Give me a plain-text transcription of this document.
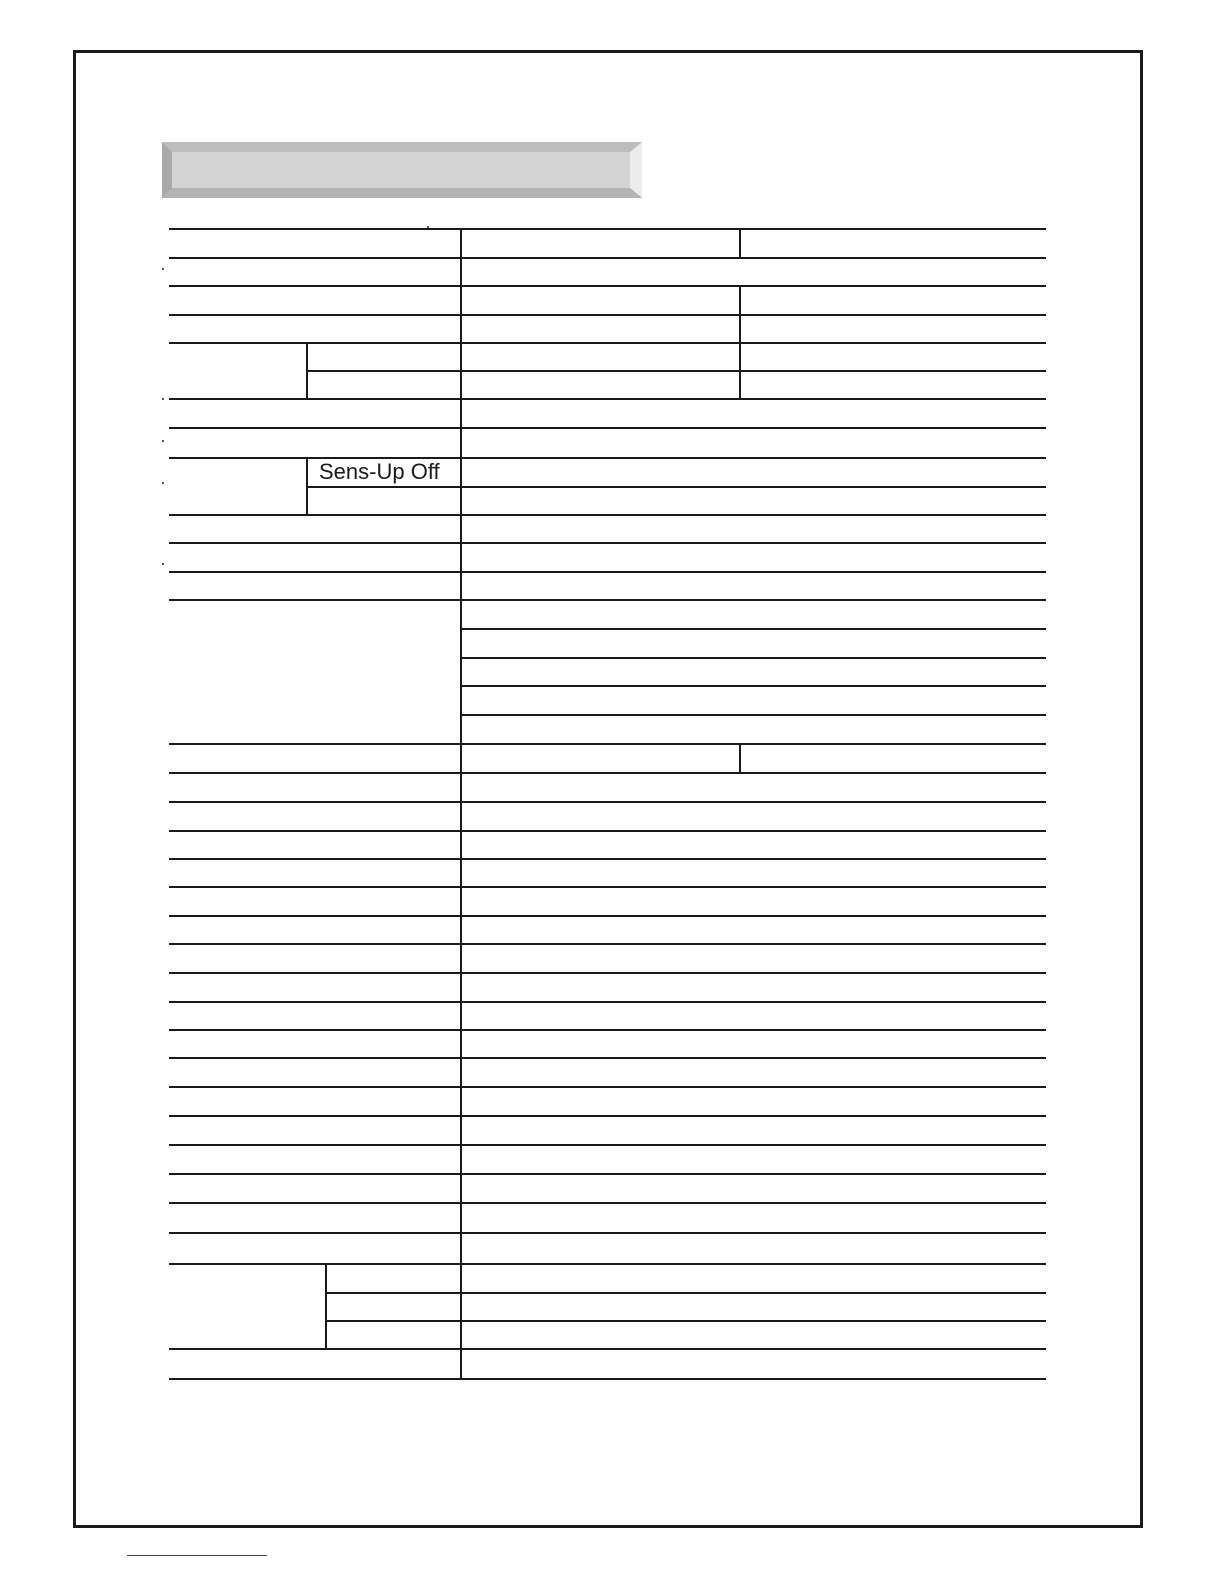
Sens-Up Off
